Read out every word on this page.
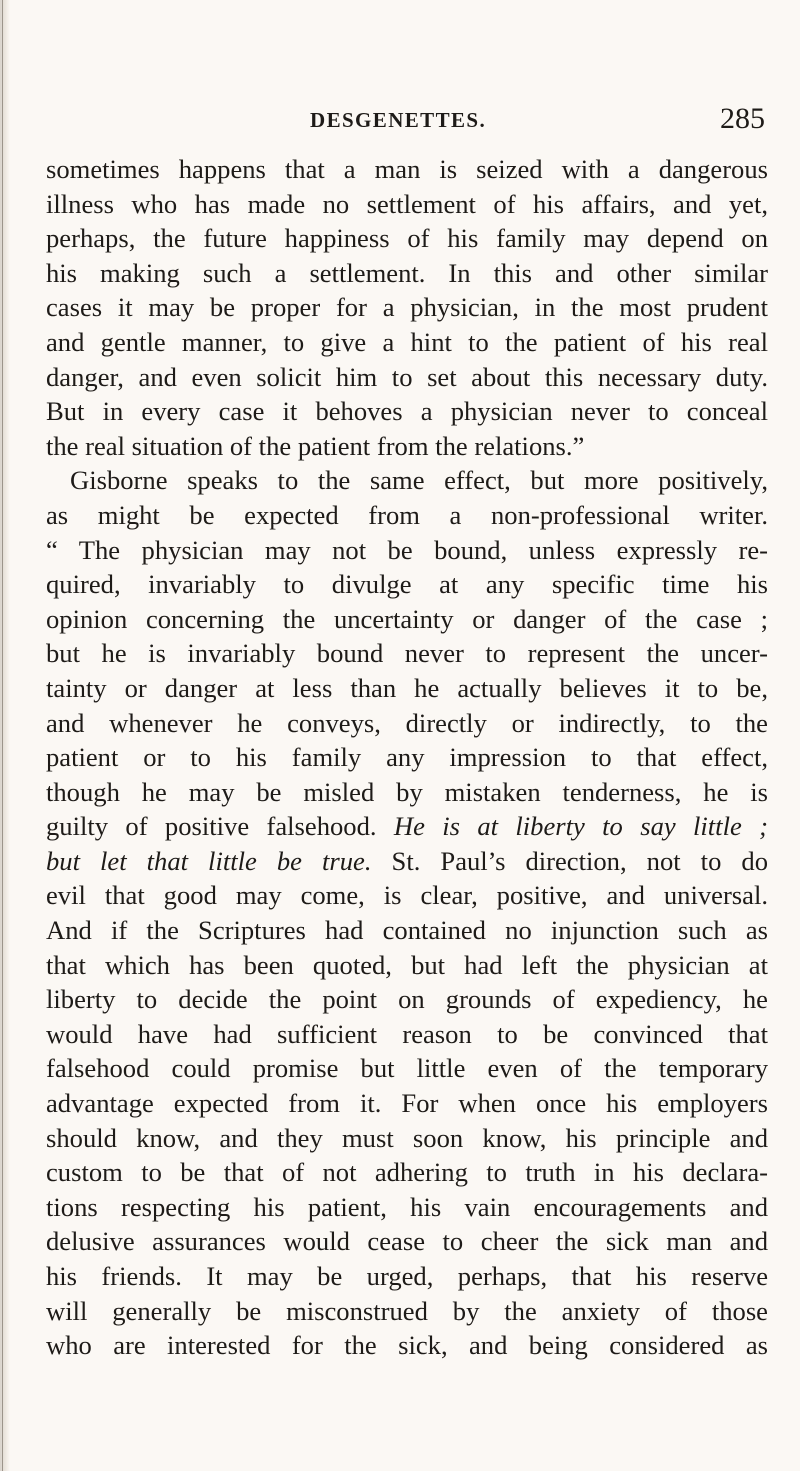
DESGENETTES.	285
sometimes happens that a man is seized with a dangerous
illness who has made no settlement of his affairs, and yet,
perhaps, the future happiness of his family may depend on
his making such a settlement. In this and other similar
cases it may be proper for a physician, in the most prudent
and gentle manner, to give a hint to the patient of his real
danger, and even solicit him to set about this necessary duty.
But in every case it behoves a physician never to conceal
the real situation of the patient from the relations.”
Gisborne speaks to the same effect, but more positively,
as might be expected from a non-professional writer.
“ The physician may not be bound, unless expressly re-
quired, invariably to divulge at any specific time his
opinion concerning the uncertainty or danger of the case ;
but he is invariably bound never to represent the uncer-
tainty or danger at less than he actually believes it to be,
and whenever he conveys, directly or indirectly, to the
patient or to his family any impression to that effect,
though he may be misled by mistaken tenderness, he is
guilty of positive falsehood. He is at liberty to say little ;
but let that little be true. St. Paul’s direction, not to do
evil that good may come, is clear, positive, and universal.
And if the Scriptures had contained no injunction such as
that which has been quoted, but had left the physician at
liberty to decide the point on grounds of expediency, he
would have had sufficient reason to be convinced that
falsehood could promise but little even of the temporary
advantage expected from it. For when once his employers
should know, and they must soon know, his principle and
custom to be that of not adhering to truth in his declara-
tions respecting his patient, his vain encouragements and
delusive assurances would cease to cheer the sick man and
his friends. It may be urged, perhaps, that his reserve
will generally be misconstrued by the anxiety of those
who are interested for the sick, and being considered as
